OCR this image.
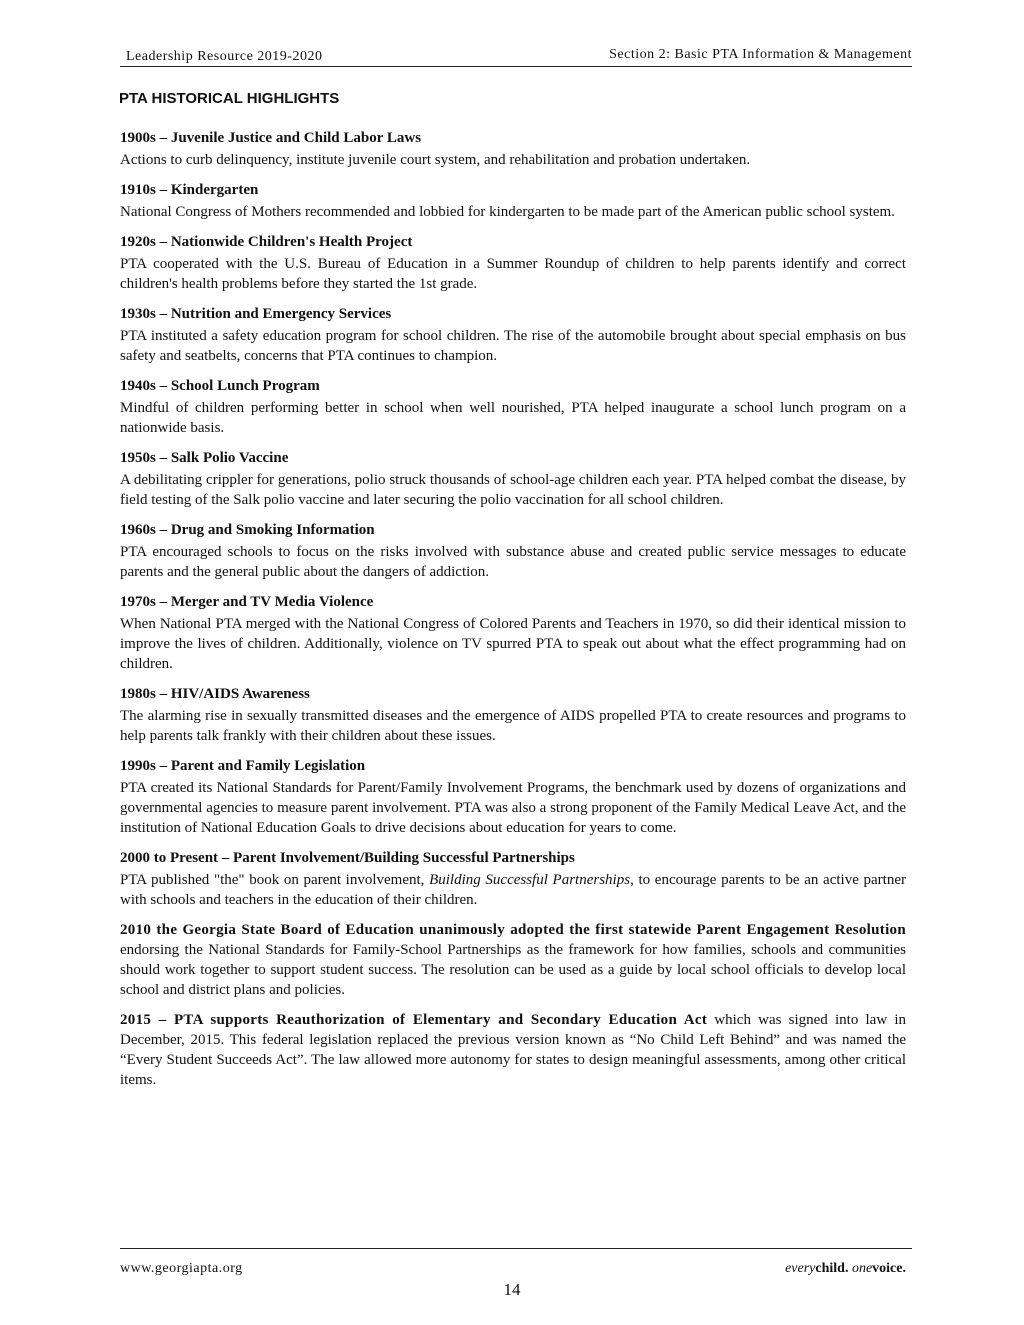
Leadership Resource 2019-2020	Section 2: Basic PTA Information & Management
PTA HISTORICAL HIGHLIGHTS
1900s – Juvenile Justice and Child Labor Laws

Actions to curb delinquency, institute juvenile court system, and rehabilitation and probation undertaken.

1910s – Kindergarten

National Congress of Mothers recommended and lobbied for kindergarten to be made part of the American public school system.

1920s – Nationwide Children's Health Project

PTA cooperated with the U.S. Bureau of Education in a Summer Roundup of children to help parents identify and correct children's health problems before they started the 1st grade.

1930s – Nutrition and Emergency Services

PTA instituted a safety education program for school children. The rise of the automobile brought about special emphasis on bus safety and seatbelts, concerns that PTA continues to champion.

1940s – School Lunch Program

Mindful of children performing better in school when well nourished, PTA helped inaugurate a school lunch program on a nationwide basis.

1950s – Salk Polio Vaccine

A debilitating crippler for generations, polio struck thousands of school-age children each year. PTA helped combat the disease, by field testing of the Salk polio vaccine and later securing the polio vaccination for all school children.

1960s – Drug and Smoking Information

PTA encouraged schools to focus on the risks involved with substance abuse and created public service messages to educate parents and the general public about the dangers of addiction.

1970s – Merger and TV Media Violence

When National PTA merged with the National Congress of Colored Parents and Teachers in 1970, so did their identical mission to improve the lives of children. Additionally, violence on TV spurred PTA to speak out about what the effect programming had on children.

1980s – HIV/AIDS Awareness

The alarming rise in sexually transmitted diseases and the emergence of AIDS propelled PTA to create resources and programs to help parents talk frankly with their children about these issues.

1990s – Parent and Family Legislation

PTA created its National Standards for Parent/Family Involvement Programs, the benchmark used by dozens of organizations and governmental agencies to measure parent involvement. PTA was also a strong proponent of the Family Medical Leave Act, and the institution of National Education Goals to drive decisions about education for years to come.

2000 to Present – Parent Involvement/Building Successful Partnerships

PTA published "the" book on parent involvement, Building Successful Partnerships, to encourage parents to be an active partner with schools and teachers in the education of their children.

2010 the Georgia State Board of Education unanimously adopted the first statewide Parent Engagement Resolution endorsing the National Standards for Family-School Partnerships as the framework for how families, schools and communities should work together to support student success. The resolution can be used as a guide by local school officials to develop local school and district plans and policies.

2015 – PTA supports Reauthorization of Elementary and Secondary Education Act which was signed into law in December, 2015. This federal legislation replaced the previous version known as “No Child Left Behind” and was named the “Every Student Succeeds Act”. The law allowed more autonomy for states to design meaningful assessments, among other critical items.

www.georgiapta.org	everychild. onevoice.
14
